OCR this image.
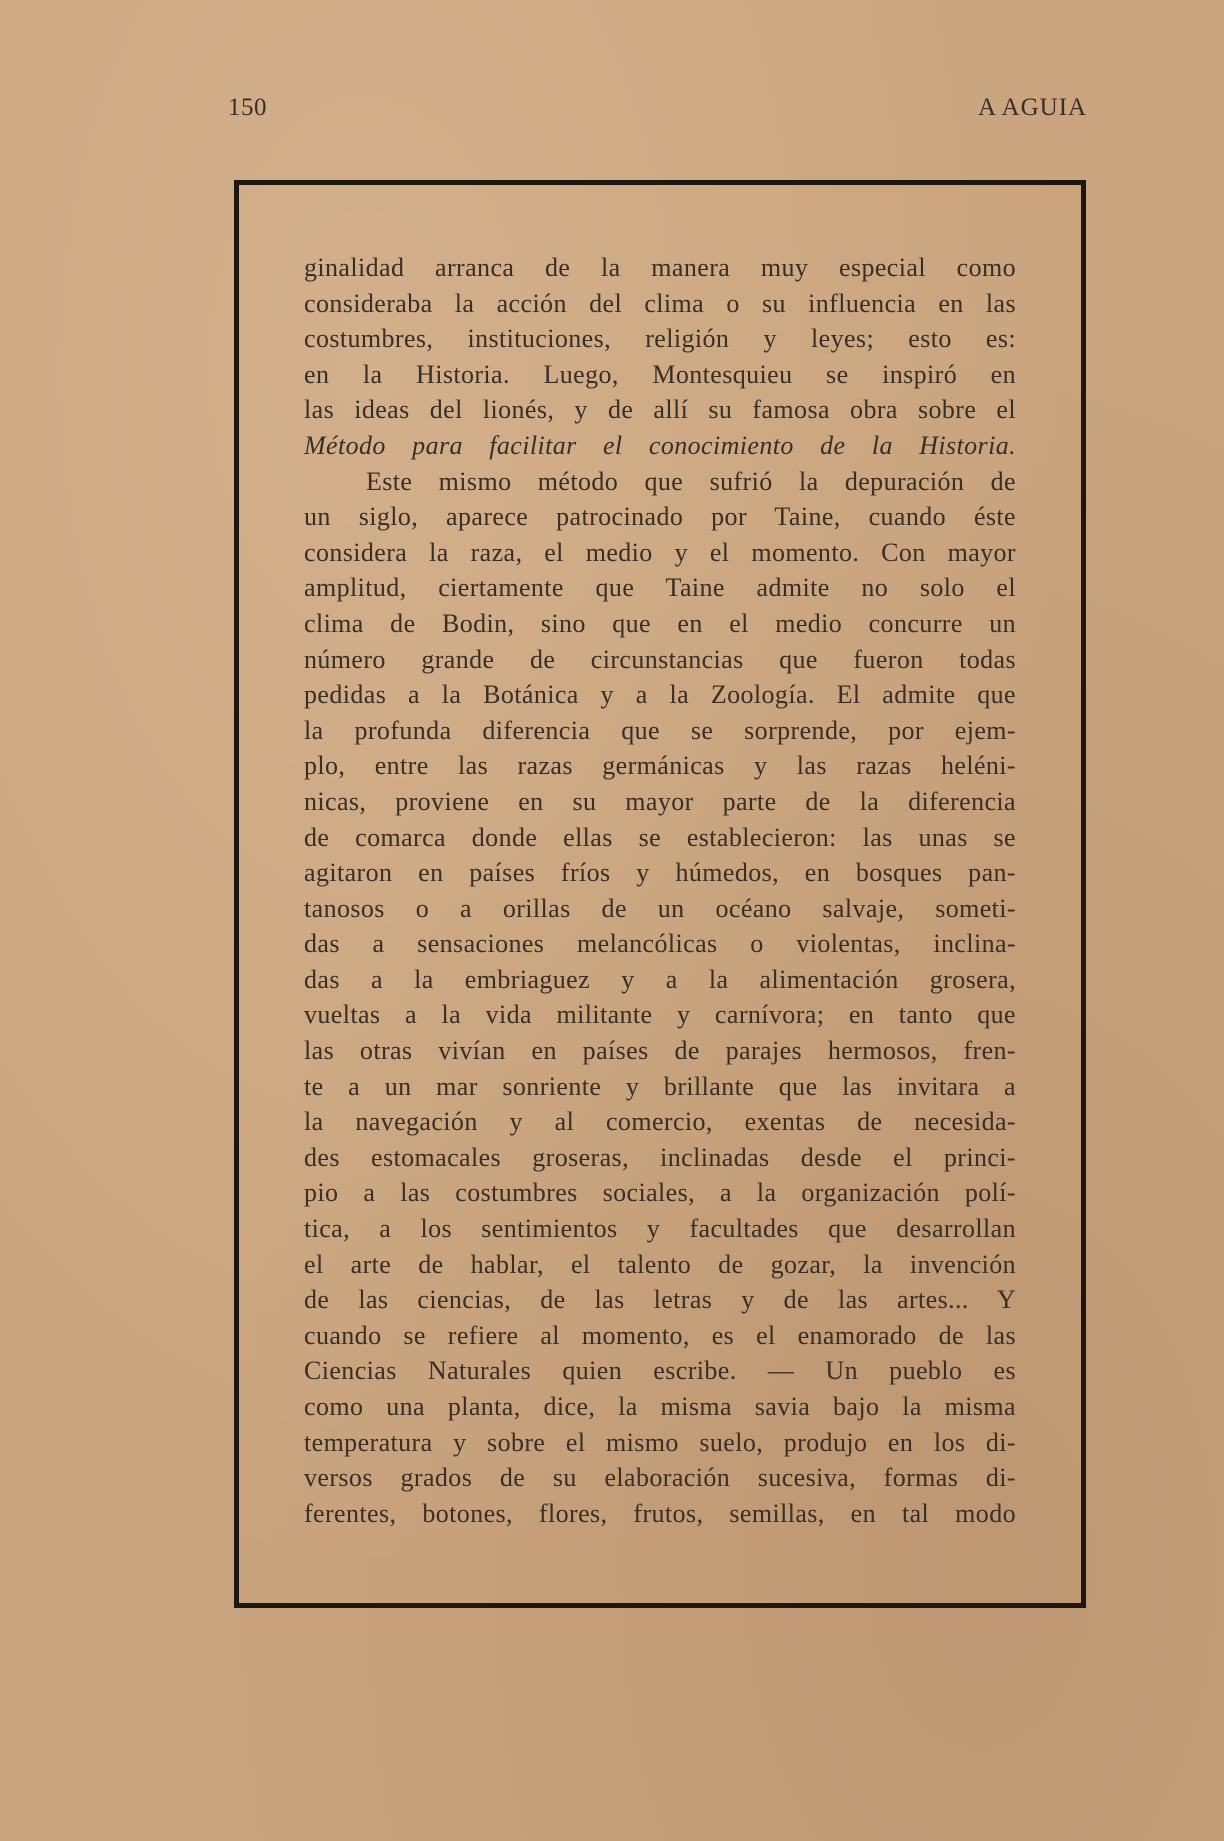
150	A AGUIA
ginalidad arranca de la manera muy especial como
consideraba la acción del clima o su influencia en las
costumbres, instituciones, religión y leyes; esto es:
en la Historia. Luego, Montesquieu se inspiró en
las ideas del lionés, y de allí su famosa obra sobre el
Método para facilitar el conocimiento de la Historia.
Este mismo método que sufrió la depuración de
un siglo, aparece patrocinado por Taine, cuando éste
considera la raza, el medio y el momento. Con mayor
amplitud, ciertamente que Taine admite no solo el
clima de Bodin, sino que en el medio concurre un
número grande de circunstancias que fueron todas
pedidas a la Botánica y a la Zoología. El admite que
la profunda diferencia que se sorprende, por ejem-
plo, entre las razas germánicas y las razas heléni-
nicas, proviene en su mayor parte de la diferencia
de comarca donde ellas se establecieron: las unas se
agitaron en países fríos y húmedos, en bosques pan-
tanosos o a orillas de un océano salvaje, someti-
das a sensaciones melancólicas o violentas, inclina-
das a la embriaguez y a la alimentación grosera,
vueltas a la vida militante y carnívora; en tanto que
las otras vivían en países de parajes hermosos, fren-
te a un mar sonriente y brillante que las invitara a
la navegación y al comercio, exentas de necesida-
des estomacales groseras, inclinadas desde el princi-
pio a las costumbres sociales, a la organización polí-
tica, a los sentimientos y facultades que desarrollan
el arte de hablar, el talento de gozar, la invención
de las ciencias, de las letras y de las artes... Y
cuando se refiere al momento, es el enamorado de las
Ciencias Naturales quien escribe. — Un pueblo es
como una planta, dice, la misma savia bajo la misma
temperatura y sobre el mismo suelo, produjo en los di-
versos grados de su elaboración sucesiva, formas di-
ferentes, botones, flores, frutos, semillas, en tal modo
